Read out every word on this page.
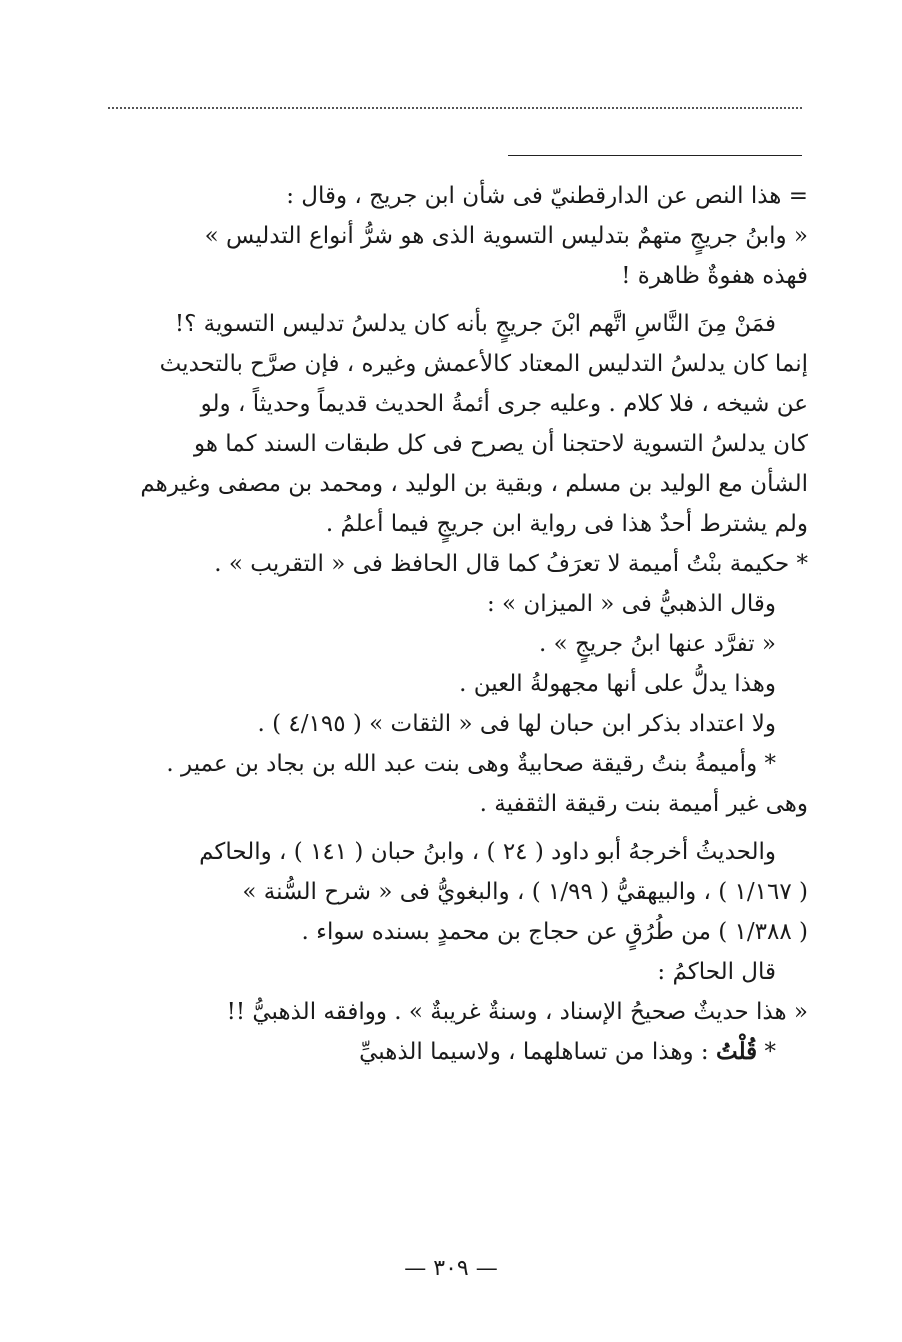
= هذا النص عن الدارقطنيّ فى شأن ابن جريج ، وقال :
« وابنُ جريجٍ متهمٌ بتدليس التسوية الذى هو شرُّ أنواع التدليس »
فهذه هفوةٌ ظاهرة !
فمَنْ مِنَ النَّاسِ اتَّهم ابْنَ جريجٍ بأنه كان يدلسُ تدليس التسوية ؟!
إنما كان يدلسُ التدليس المعتاد كالأعمش وغيره ، فإن صرَّح بالتحديث
عن شيخه ، فلا كلام . وعليه جرى أئمةُ الحديث قديماً وحديثاً ، ولو
كان يدلسُ التسوية لاحتجنا أن يصرح فى كل طبقات السند كما هو
الشأن مع الوليد بن مسلم ، وبقية بن الوليد ، ومحمد بن مصفى وغيرهم
ولم يشترط أحدٌ هذا فى رواية ابن جريجٍ فيما أعلمُ .
* حكيمة بنْتُ أميمة لا تعرَفُ كما قال الحافظ فى « التقريب » .
وقال الذهبيُّ فى « الميزان » :
« تفرَّد عنها ابنُ جريجٍ » .
وهذا يدلُّ على أنها مجهولةُ العين .
ولا اعتداد بذكر ابن حبان لها فى « الثقات » ( ٤/١٩٥ ) .
* وأميمةُ بنتُ رقيقة صحابيةٌ وهى بنت عبد الله بن بجاد بن عمير .
وهى غير أميمة بنت رقيقة الثقفية .
والحديثُ أخرجهُ أبو داود ( ٢٤ ) ، وابنُ حبان ( ١٤١ ) ، والحاكم
( ١/١٦٧ ) ، والبيهقيُّ ( ١/٩٩ ) ، والبغويُّ فى « شرح السُّنة »
( ١/٣٨٨ ) من طُرُقٍ عن حجاج بن محمدٍ بسنده سواء .
قال الحاكمُ :
« هذا حديثٌ صحيحُ الإسناد ، وسنةٌ غريبةٌ » . ووافقه الذهبيُّ !!
* قُلْتُ : وهذا من تساهلهما ، ولاسيما الذهبيِّ
— ٣٠٩ —
